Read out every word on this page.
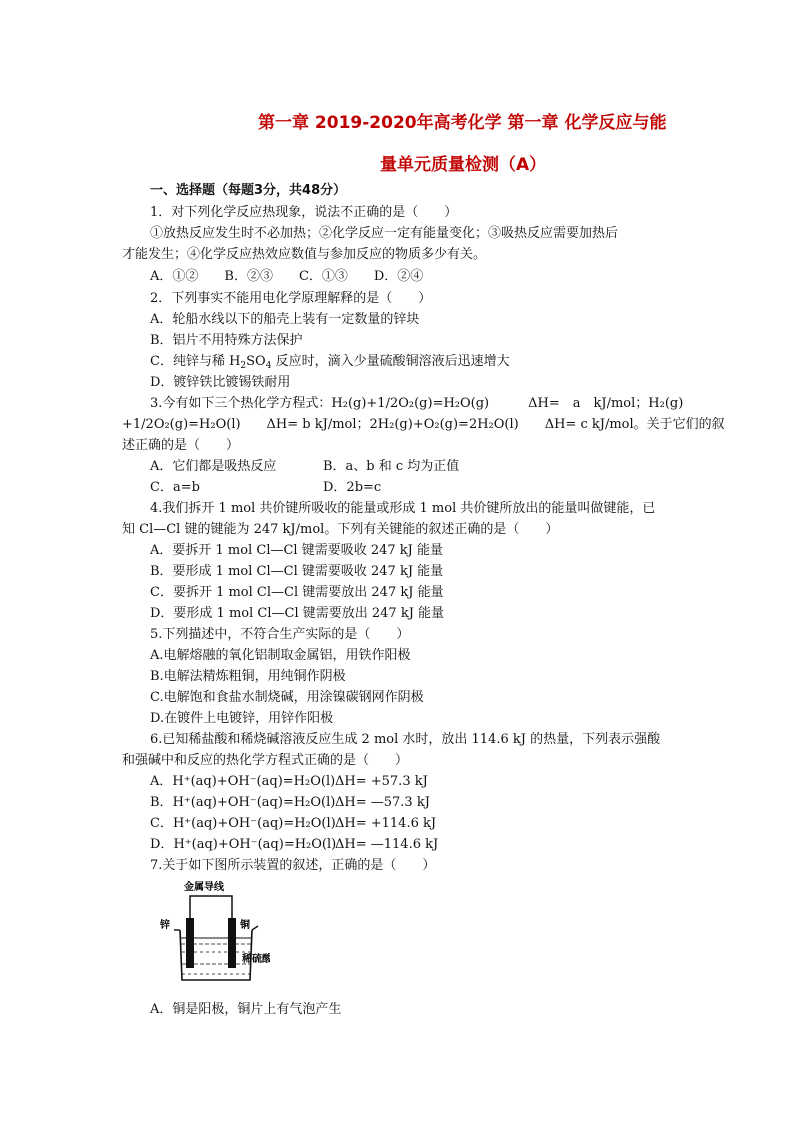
第一章 2019-2020年高考化学 第一章 化学反应与能
量单元质量检测（A）
一、选择题（每题3分，共48分）
1．对下列化学反应热现象，说法不正确的是（　　）
①放热反应发生时不必加热；②化学反应一定有能量变化；③吸热反应需要加热后
才能发生；④化学反应热效应数值与参加反应的物质多少有关。
A．①②　　B．②③　　C．①③　　D．②④
2．下列事实不能用电化学原理解释的是（　　）
A．轮船水线以下的船壳上装有一定数量的锌块
B．铝片不用特殊方法保护
C．纯锌与稀 $H_2SO_4$ 反应时，滴入少量硫酸铜溶液后迅速增大
D．镀锌铁比镀锡铁耐用
3.今有如下三个热化学方程式：H₂(g)+1/2O₂(g)=H₂O(g)　　　ΔH=　a　kJ/mol；H₂(g)
+1/2O₂(g)=H₂O(l)　　ΔH= b kJ/mol；2H₂(g)+O₂(g)=2H₂O(l)　　ΔH= c kJ/mol。关于它们的叙
述正确的是（　　）
A．它们都是吸热反应	B．a、b 和 c 均为正值
C．a=b	D．2b=c
4.我们拆开 1 mol 共价键所吸收的能量或形成 1 mol 共价键所放出的能量叫做键能，已
知 Cl—Cl 键的键能为 247 kJ/mol。下列有关键能的叙述正确的是（　　）
A．要拆开 1 mol Cl—Cl 键需要吸收 247 kJ 能量
B．要形成 1 mol Cl—Cl 键需要吸收 247 kJ 能量
C．要拆开 1 mol Cl—Cl 键需要放出 247 kJ 能量
D．要形成 1 mol Cl—Cl 键需要放出 247 kJ 能量
5.下列描述中，不符合生产实际的是（　　）
A.电解熔融的氧化铝制取金属铝，用铁作阳极
B.电解法精炼粗铜，用纯铜作阴极
C.电解饱和食盐水制烧碱，用涂镍碳钢网作阴极
D.在镀件上电镀锌，用锌作阳极
6.已知稀盐酸和稀烧碱溶液反应生成 2 mol 水时，放出 114.6 kJ 的热量，下列表示强酸
和强碱中和反应的热化学方程式正确的是（　　）
A．H⁺(aq)+OH⁻(aq)=H₂O(l) ΔH= +57.3 kJ
B．H⁺(aq)+OH⁻(aq)=H₂O(l) ΔH= —57.3 kJ
C．H⁺(aq)+OH⁻(aq)=H₂O(l) ΔH= +114.6 kJ
D．H⁺(aq)+OH⁻(aq)=H₂O(l)
ΔH= —114.6 kJ
7.关于如下图所示装置的叙述，正确的是（　　）
金属导线
锌	铜
稀硫酸
A．铜是阳极，铜片上有气泡产生
